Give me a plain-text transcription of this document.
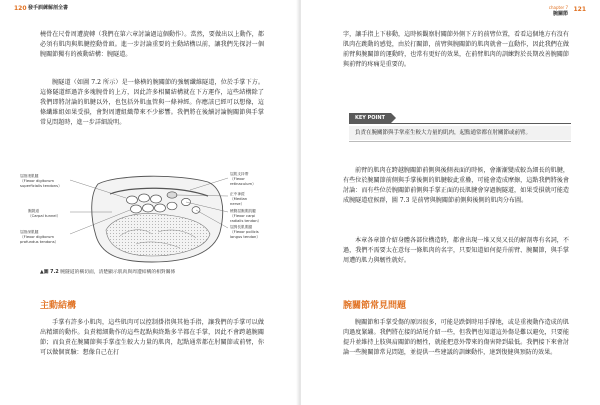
120 發手訓練解剖全書

橈骨在尺骨周遭旋轉（我們在第六章討論過這個動作）。當然，要做出以上動作，都必須有肌肉與肌腱控動骨頭。進一步討論重要的主動結構以前，讓我們先探討一個腕關節獨有的被動結構：腕隧道。

腕隧道（如圖 7.2 所示）是一條横的腕關節的強韌纖維隧道，位於手掌下方。這條隧道經過許多塊腕骨的上方，因此許多相關結構就在下方運作，這些結構除了我們即將討論的肌腱以外，也包括外肌血管與一條神經。你應該已經可以想像，這條纖維組如果受損，會對周遭組織帶來不少影響。我們將在後續討論腕關節與手掌常見問題時，進一步詳細說明。

屈指淺肌腱
（Flexor digitorum
superficialis tendons）
腕隧道
（Carpal tunnel）
屈指深肌腱
（Flexor digitorum
profundus tendons）
屈肌支持帶
（Flexor retinaculum）
正中神經
（Median nerve）
橈側屈腕肌肌腱
（Flexor carpi radialis tendon）
屈拇長肌肌腱
（Flexor pollicis longus tendon）
▲圖 7.2 腕隧道的橫切面，清楚顯示肌肉與周遭結構的相對關係
主動結構

手掌有許多小肌肉，這些肌肉可以控制掛指與其他手指，讓我們的手掌可以做出精細的動作。負責精細動作的這些起點與終點多半都在手掌，因此不會跨越腕關節；而負責在腕關節與手掌產生較大力量的肌肉，起點通常都在肘關節或前臂，你可以做個實驗：想像自己在打

chapter 7
腕關節
121

字，讓手指上下移動，這時候觀察肘關節外側下方的前臂位置，看看這個地方有沒有肌肉在跳動的感覺，由於打關節，前臂與腕關節的肌肉就會一直動作，因此我們在做前臂與腕關節的運動時，也常有更好的效果，在前臂肌肉的訓練對於長期改善腕關節與前臂的疼痛是重要的。

KEY POINT
負責在腕關節與手掌產生較大力量的肌肉，起點通常都在肘關節或前臂。

前臂的肌肉在跨越腕關節前側與後側表面的時候，會漸漸變成較為細長的肌腱，有些位於腕關節前側與手掌後側的肌腱較此重疊，可能會造成摩擦，這點我們將後會討論：而有些位於腕關節前側與手掌正面的長肌腱會穿過腕隧道，如果受損就可能造成腕隧道症候群，圖 7.3 是前臂與腕關節前側與後側的肌肉分布圖。

本章各章節介紹身體各部位構造時，都會出現一堆又臭又長的解剖專有名詞，不過，我們不需要太在意每一條肌肉的名字，只要知道如何提升前臂、腕關節，與手掌周遭的肌力與韌性就好。

腕關節常見問題

腕關節和手掌受傷的原因很多，可能是跌倒時用手撐地，或是重複動作造成的肌肉過度緊繃。我們將在接的結尾介紹一些，但我們也知道這外傷是難以避免，只要能提升並維持上肢與肩關節的韌性，就能把意外帶來的傷害降到最低。我們接下來會討論一些腕關節常見問題，並提供一些建議的訓練動作，達到復健與預防的效果。
